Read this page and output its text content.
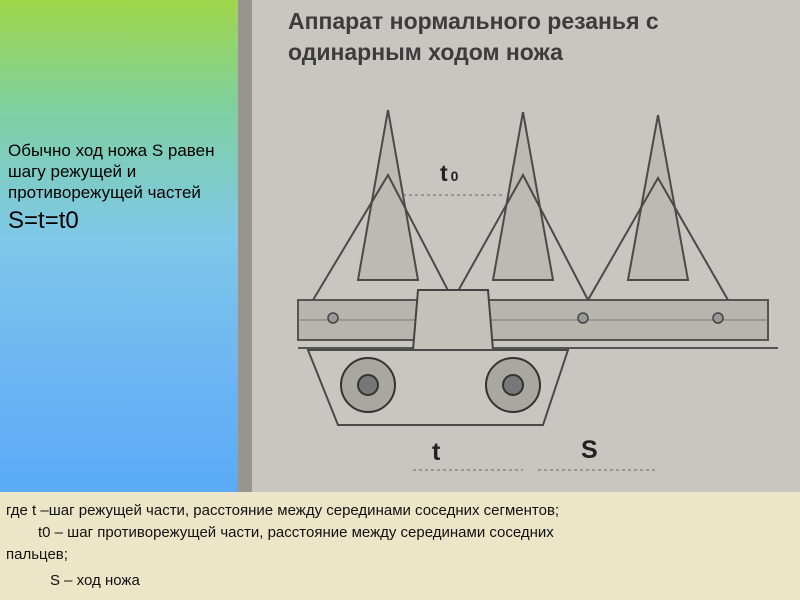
Обычно ход ножа S равен шагу режущей и противорежущей частей
S=t=t0
Аппарат нормального резанья с одинарным ходом ножа
t 0
t	S
где t –шаг режущей части, расстояние между серединами соседних сегментов;
t0 – шаг противорежущей части, расстояние между серединами соседних
пальцев;
S – ход ножа
